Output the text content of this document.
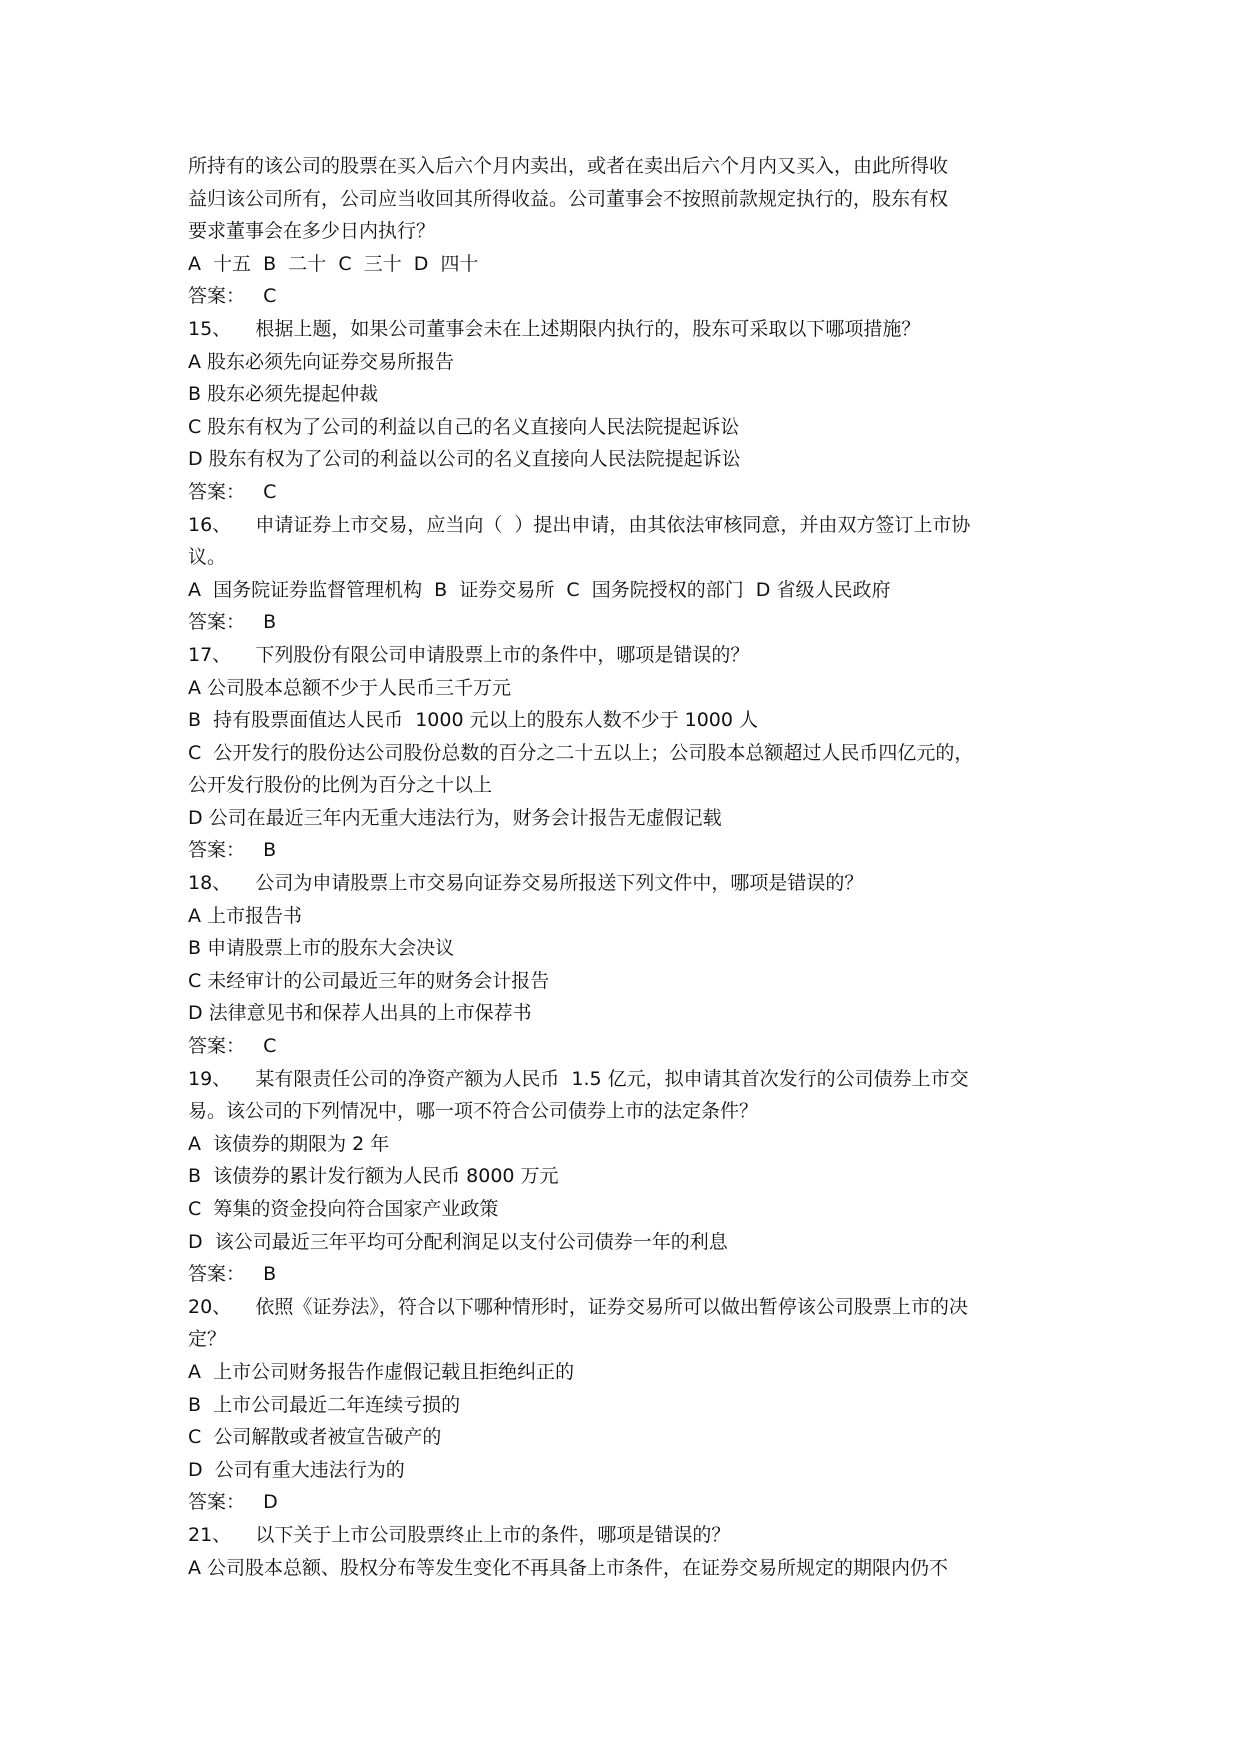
所持有的该公司的股票在买入后六个月内卖出，或者在卖出后六个月内又买入，由此所得收
益归该公司所有，公司应当收回其所得收益。公司董事会不按照前款规定执行的，股东有权
要求董事会在多少日内执行？
A  十五  B  二十  C  三十  D  四十
答案：   C
15、    根据上题，如果公司董事会未在上述期限内执行的，股东可采取以下哪项措施？
A 股东必须先向证券交易所报告
B 股东必须先提起仲裁
C 股东有权为了公司的利益以自己的名义直接向人民法院提起诉讼
D 股东有权为了公司的利益以公司的名义直接向人民法院提起诉讼
答案：   C
16、    申请证券上市交易，应当向（  ）提出申请，由其依法审核同意，并由双方签订上市协
议。
A  国务院证券监督管理机构  B  证券交易所  C  国务院授权的部门  D 省级人民政府
答案：   B
17、    下列股份有限公司申请股票上市的条件中，哪项是错误的？
A 公司股本总额不少于人民币三千万元
B  持有股票面值达人民币  1000 元以上的股东人数不少于 1000 人
C  公开发行的股份达公司股份总数的百分之二十五以上；公司股本总额超过人民币四亿元的，
公开发行股份的比例为百分之十以上
D 公司在最近三年内无重大违法行为，财务会计报告无虚假记载
答案：   B
18、    公司为申请股票上市交易向证券交易所报送下列文件中，哪项是错误的？
A 上市报告书
B 申请股票上市的股东大会决议
C 未经审计的公司最近三年的财务会计报告
D 法律意见书和保荐人出具的上市保荐书
答案：   C
19、    某有限责任公司的净资产额为人民币  1.5 亿元，拟申请其首次发行的公司债券上市交
易。该公司的下列情况中，哪一项不符合公司债券上市的法定条件？
A  该债券的期限为 2 年
B  该债券的累计发行额为人民币 8000 万元
C  筹集的资金投向符合国家产业政策
D  该公司最近三年平均可分配利润足以支付公司债券一年的利息
答案：   B
20、    依照《证券法》，符合以下哪种情形时，证券交易所可以做出暂停该公司股票上市的决
定？
A  上市公司财务报告作虚假记载且拒绝纠正的
B  上市公司最近二年连续亏损的
C  公司解散或者被宣告破产的
D  公司有重大违法行为的
答案：   D
21、    以下关于上市公司股票终止上市的条件，哪项是错误的？
A 公司股本总额、股权分布等发生变化不再具备上市条件，在证券交易所规定的期限内仍不
